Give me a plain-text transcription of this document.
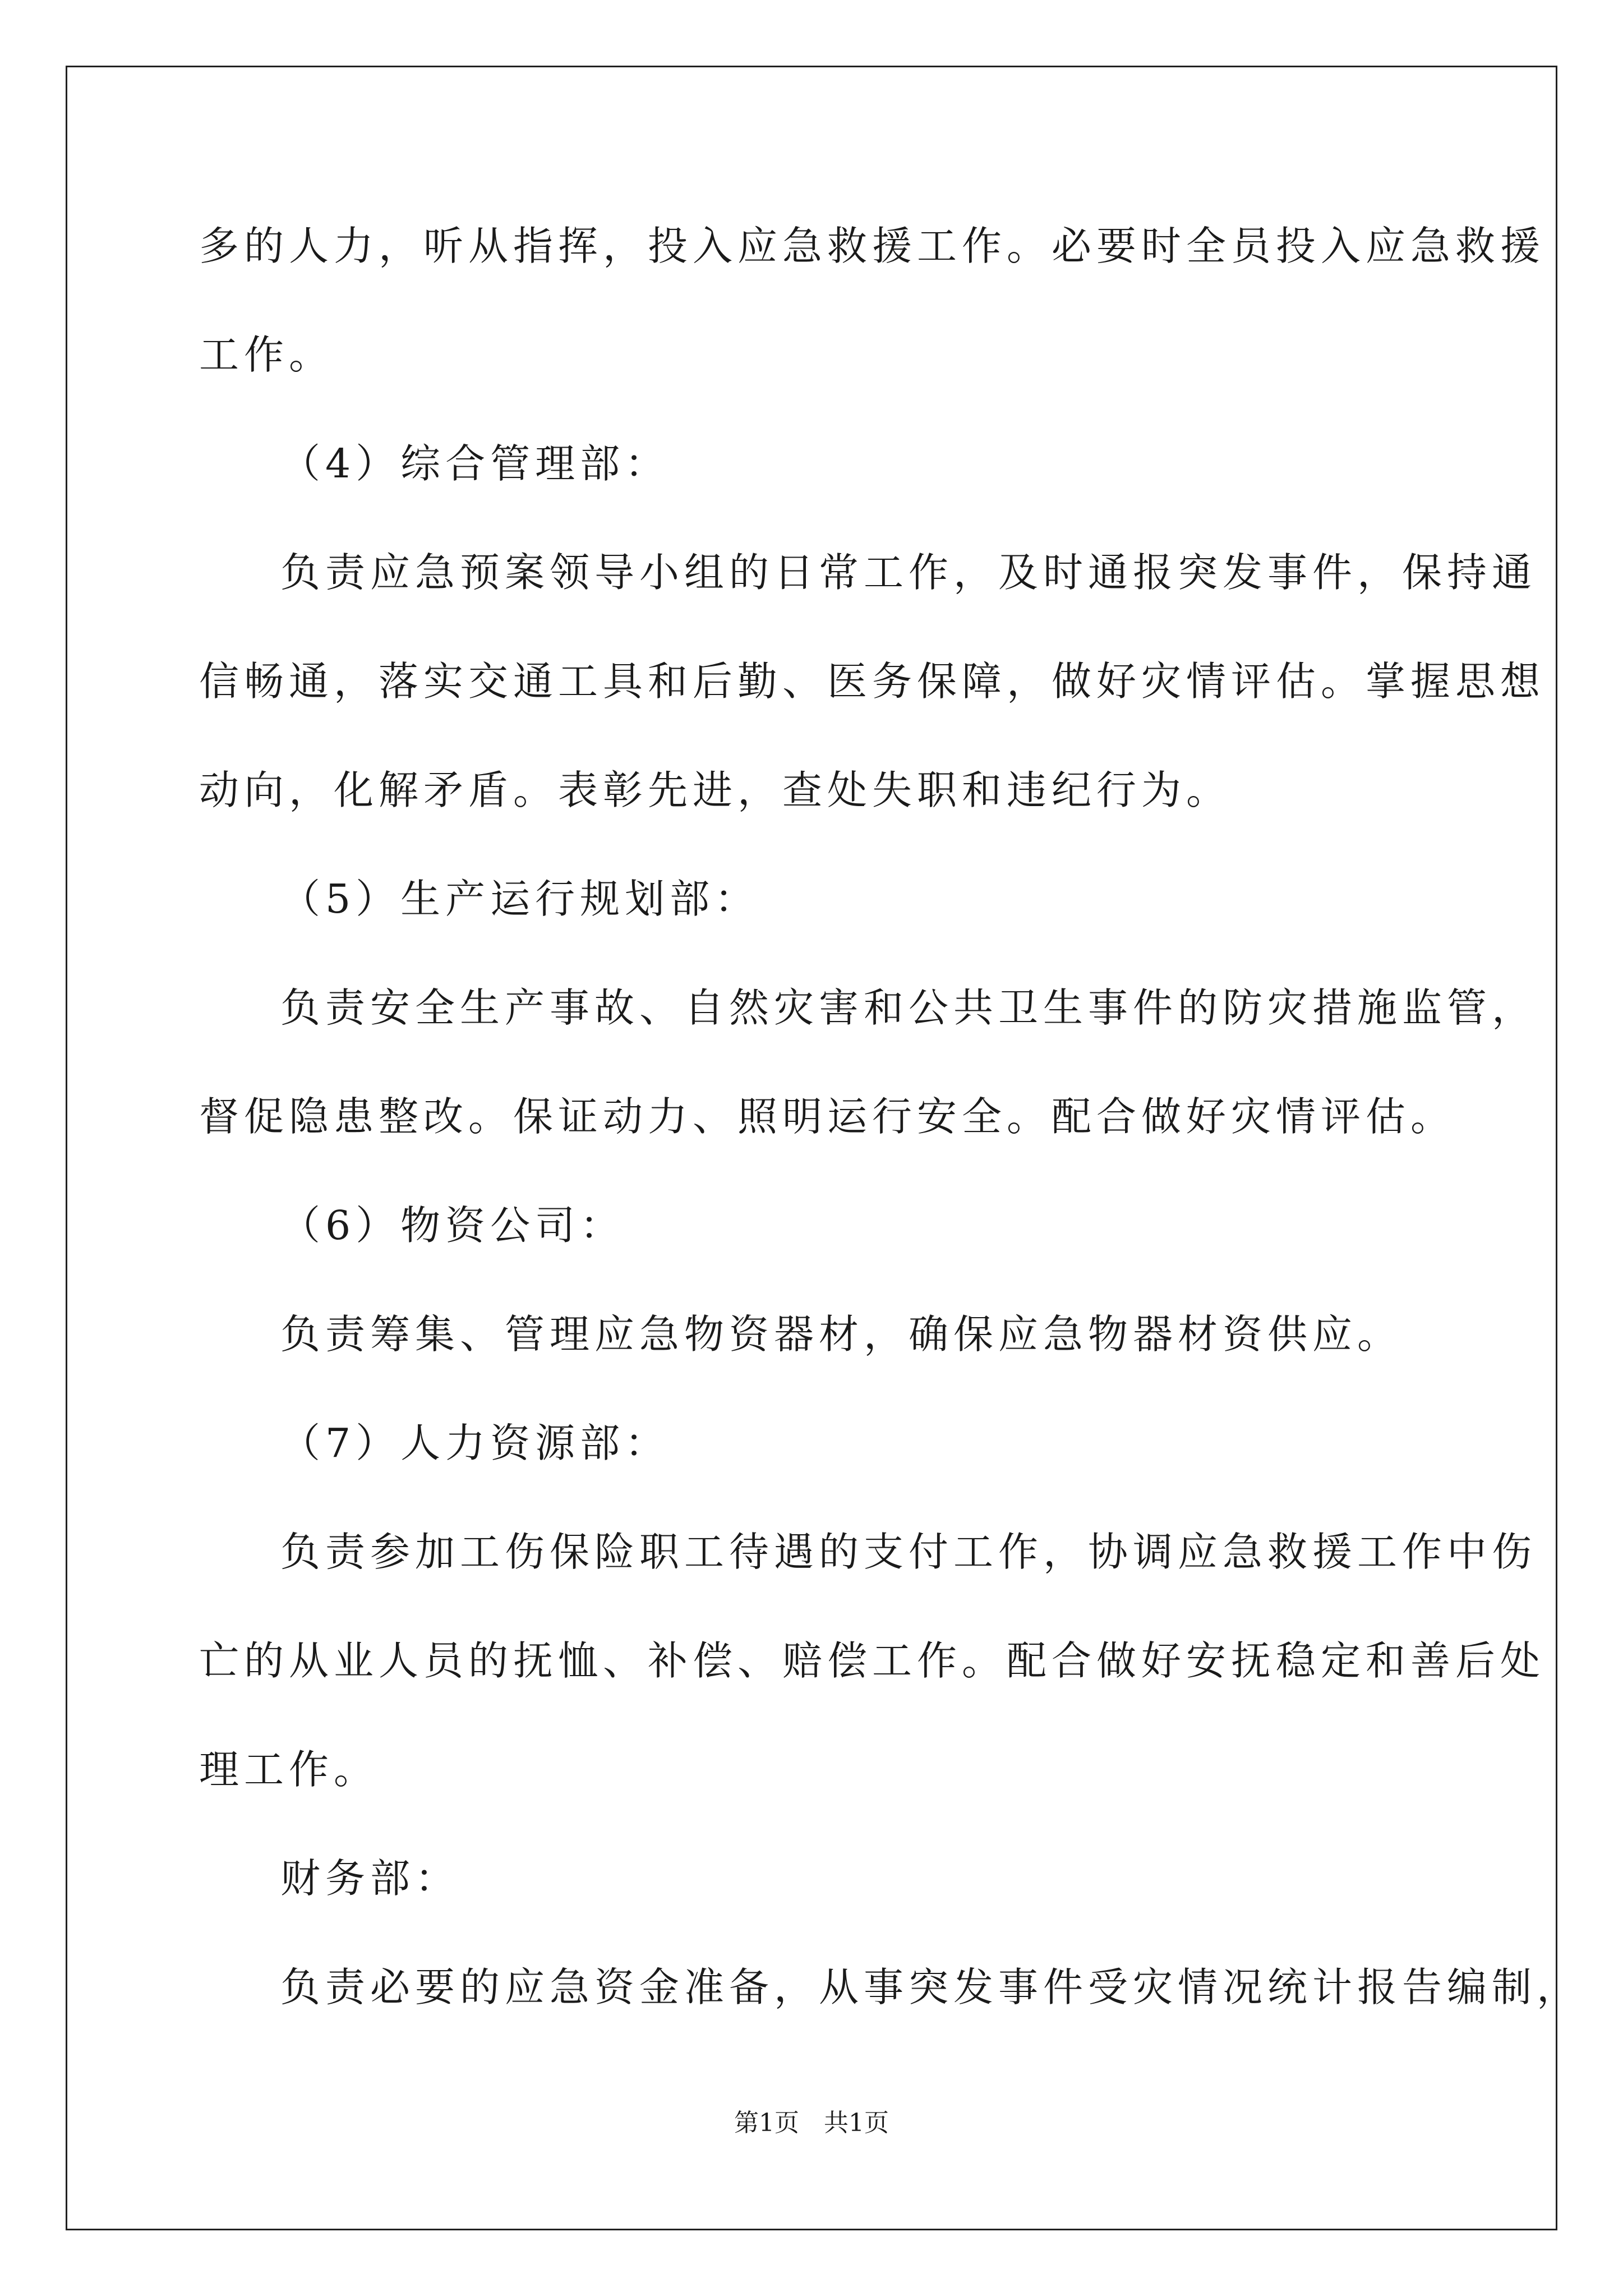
多的人力，听从指挥，投入应急救援工作。必要时全员投入应急救援
工作。
（4）综合管理部：
负责应急预案领导小组的日常工作，及时通报突发事件，保持通
信畅通，落实交通工具和后勤、医务保障，做好灾情评估。掌握思想
动向，化解矛盾。表彰先进，查处失职和违纪行为。
（5）生产运行规划部：
负责安全生产事故、自然灾害和公共卫生事件的防灾措施监管，
督促隐患整改。保证动力、照明运行安全。配合做好灾情评估。
（6）物资公司：
负责筹集、管理应急物资器材，确保应急物器材资供应。
（7）人力资源部：
负责参加工伤保险职工待遇的支付工作，协调应急救援工作中伤
亡的从业人员的抚恤、补偿、赔偿工作。配合做好安抚稳定和善后处
理工作。
财务部：
负责必要的应急资金准备，从事突发事件受灾情况统计报告编制，
第1页　共1页
